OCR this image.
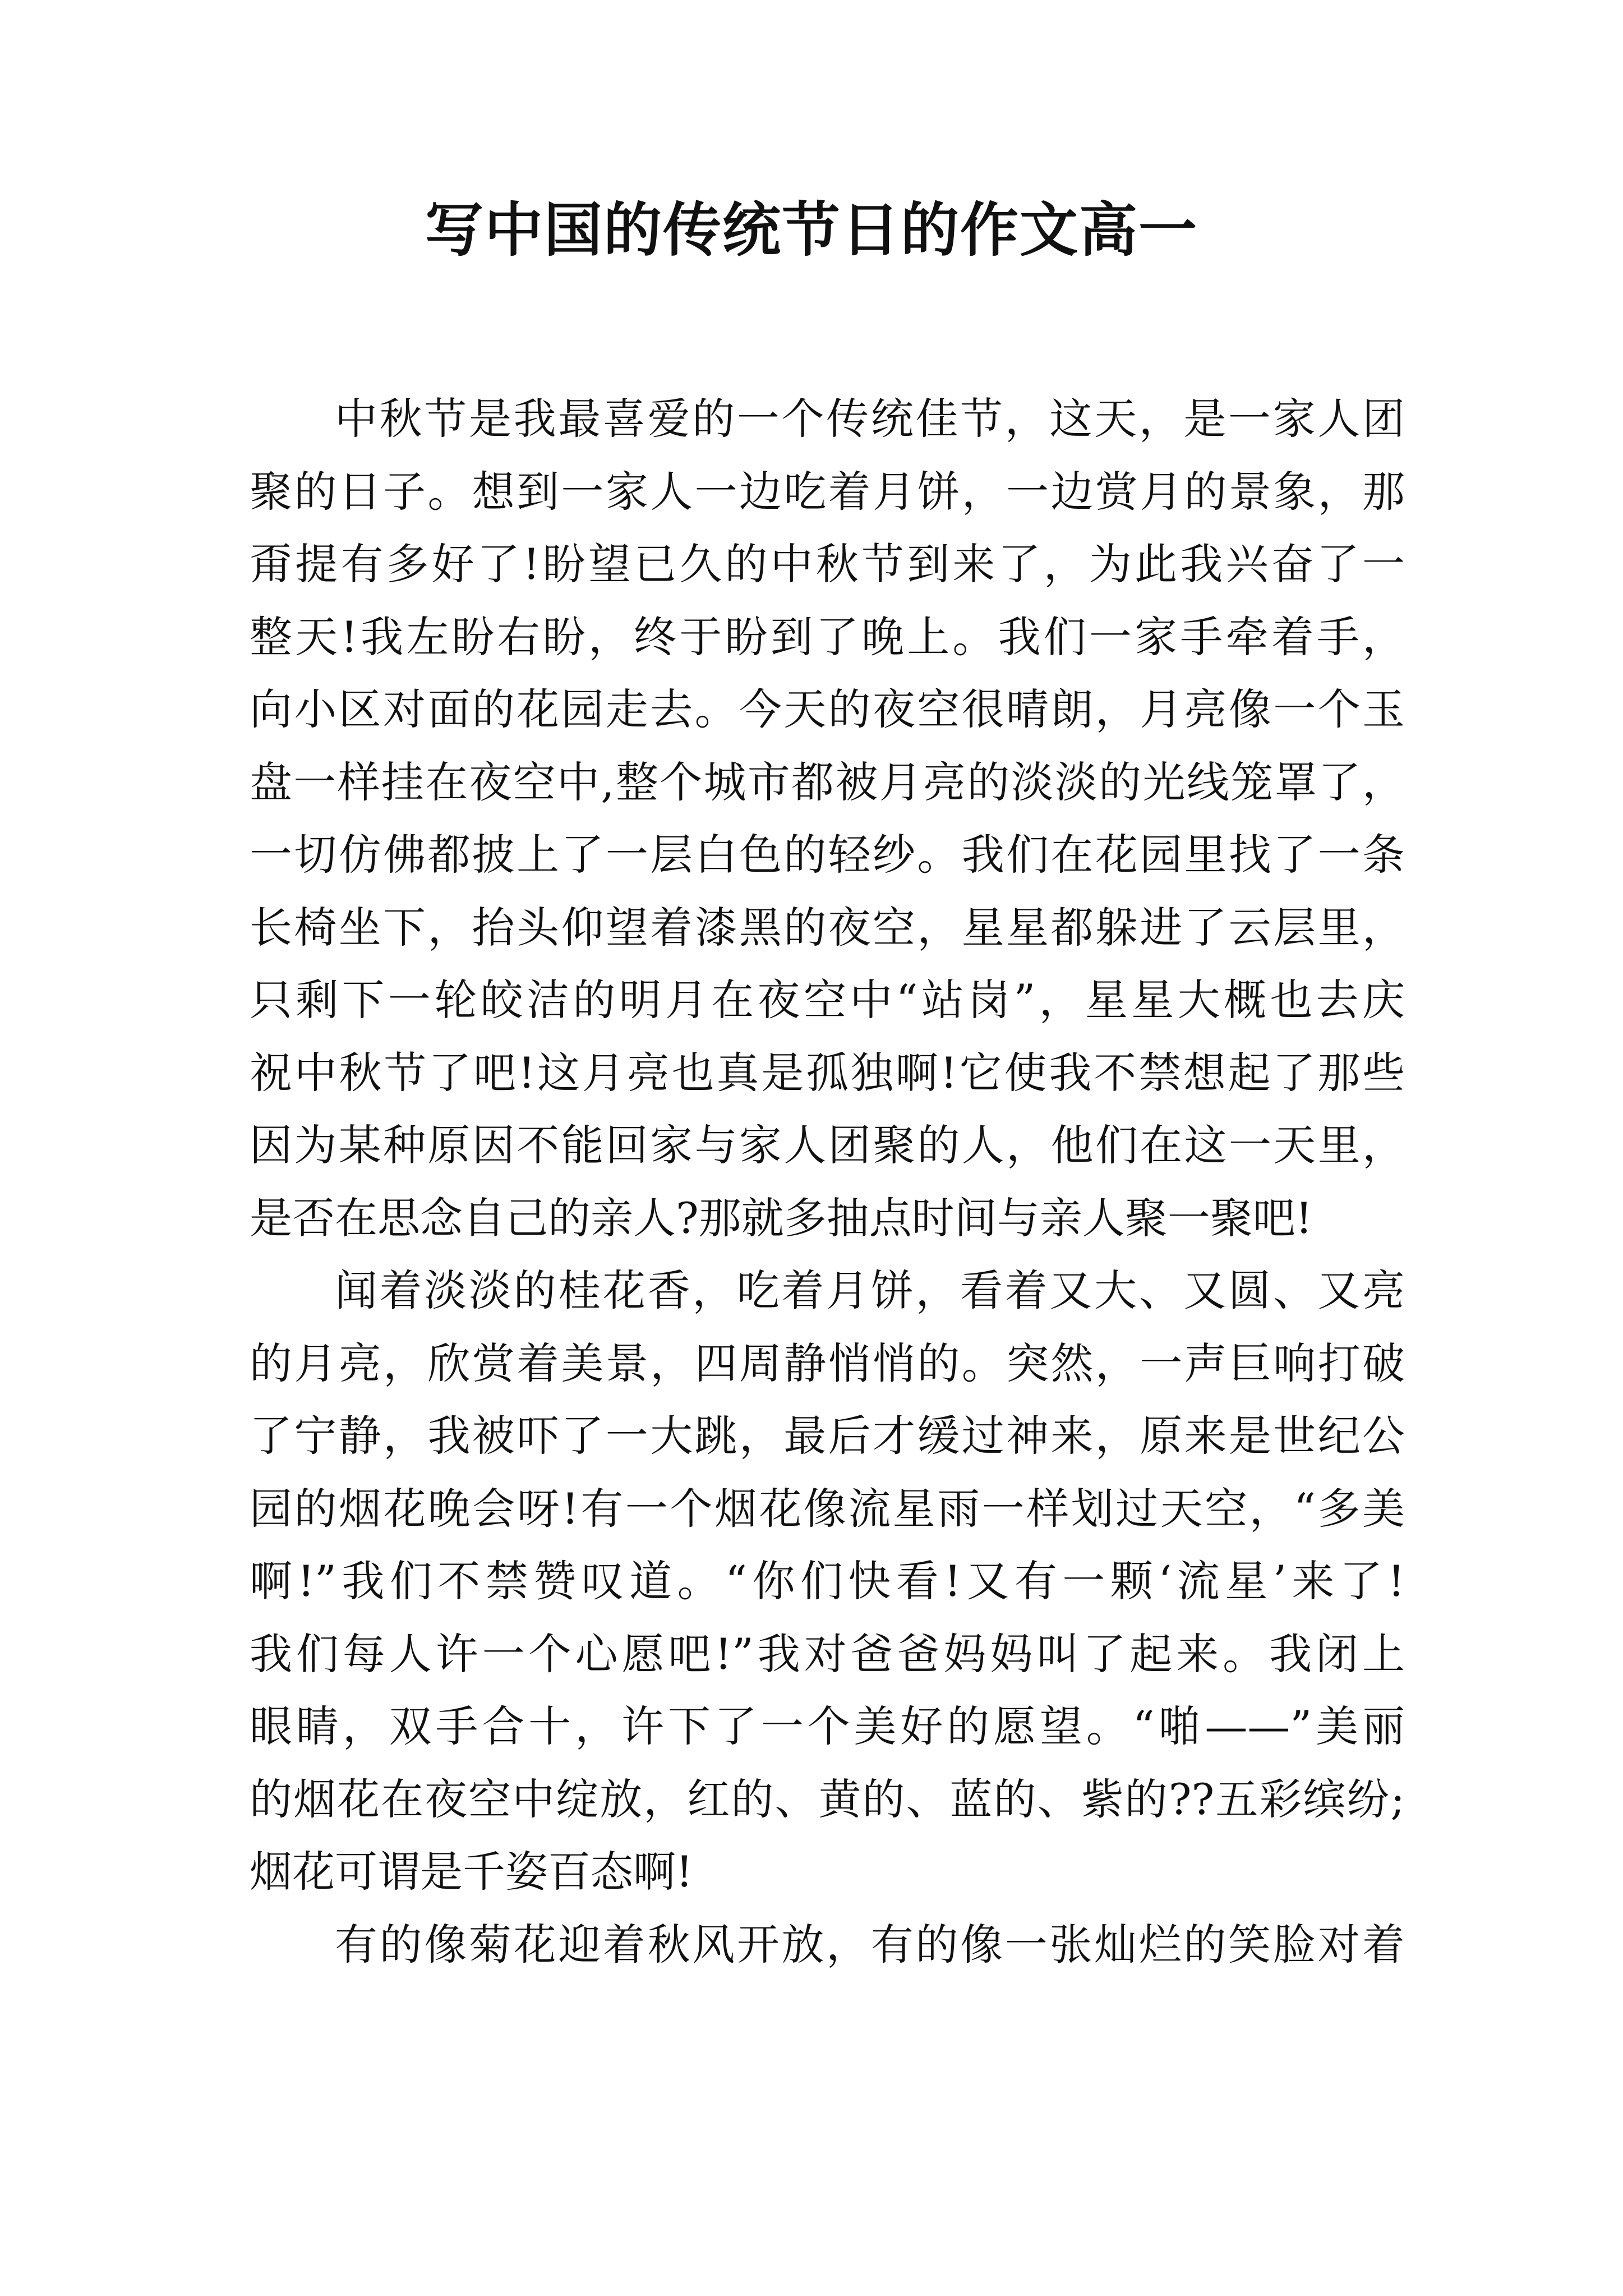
写中国的传统节日的作文高一
中秋节是我最喜爱的一个传统佳节，这天，是一家人团
聚的日子。想到一家人一边吃着月饼，一边赏月的景象，那
甭提有多好了!盼望已久的中秋节到来了，为此我兴奋了一
整天!我左盼右盼，终于盼到了晚上。我们一家手牵着手，
向小区对面的花园走去。今天的夜空很晴朗，月亮像一个玉
盘一样挂在夜空中,整个城市都被月亮的淡淡的光线笼罩了，
一切仿佛都披上了一层白色的轻纱。我们在花园里找了一条
长椅坐下，抬头仰望着漆黑的夜空，星星都躲进了云层里，
只剩下一轮皎洁的明月在夜空中“站岗”，星星大概也去庆
祝中秋节了吧!这月亮也真是孤独啊!它使我不禁想起了那些
因为某种原因不能回家与家人团聚的人，他们在这一天里，
是否在思念自己的亲人?那就多抽点时间与亲人聚一聚吧!
闻着淡淡的桂花香，吃着月饼，看着又大、又圆、又亮
的月亮，欣赏着美景，四周静悄悄的。突然，一声巨响打破
了宁静，我被吓了一大跳，最后才缓过神来，原来是世纪公
园的烟花晚会呀!有一个烟花像流星雨一样划过天空，“多美
啊!”我们不禁赞叹道。“你们快看!又有一颗‘流星’来了!
我们每人许一个心愿吧!”我对爸爸妈妈叫了起来。我闭上
眼睛，双手合十，许下了一个美好的愿望。“啪——”美丽
的烟花在夜空中绽放，红的、黄的、蓝的、紫的??五彩缤纷;
烟花可谓是千姿百态啊!
有的像菊花迎着秋风开放，有的像一张灿烂的笑脸对着
